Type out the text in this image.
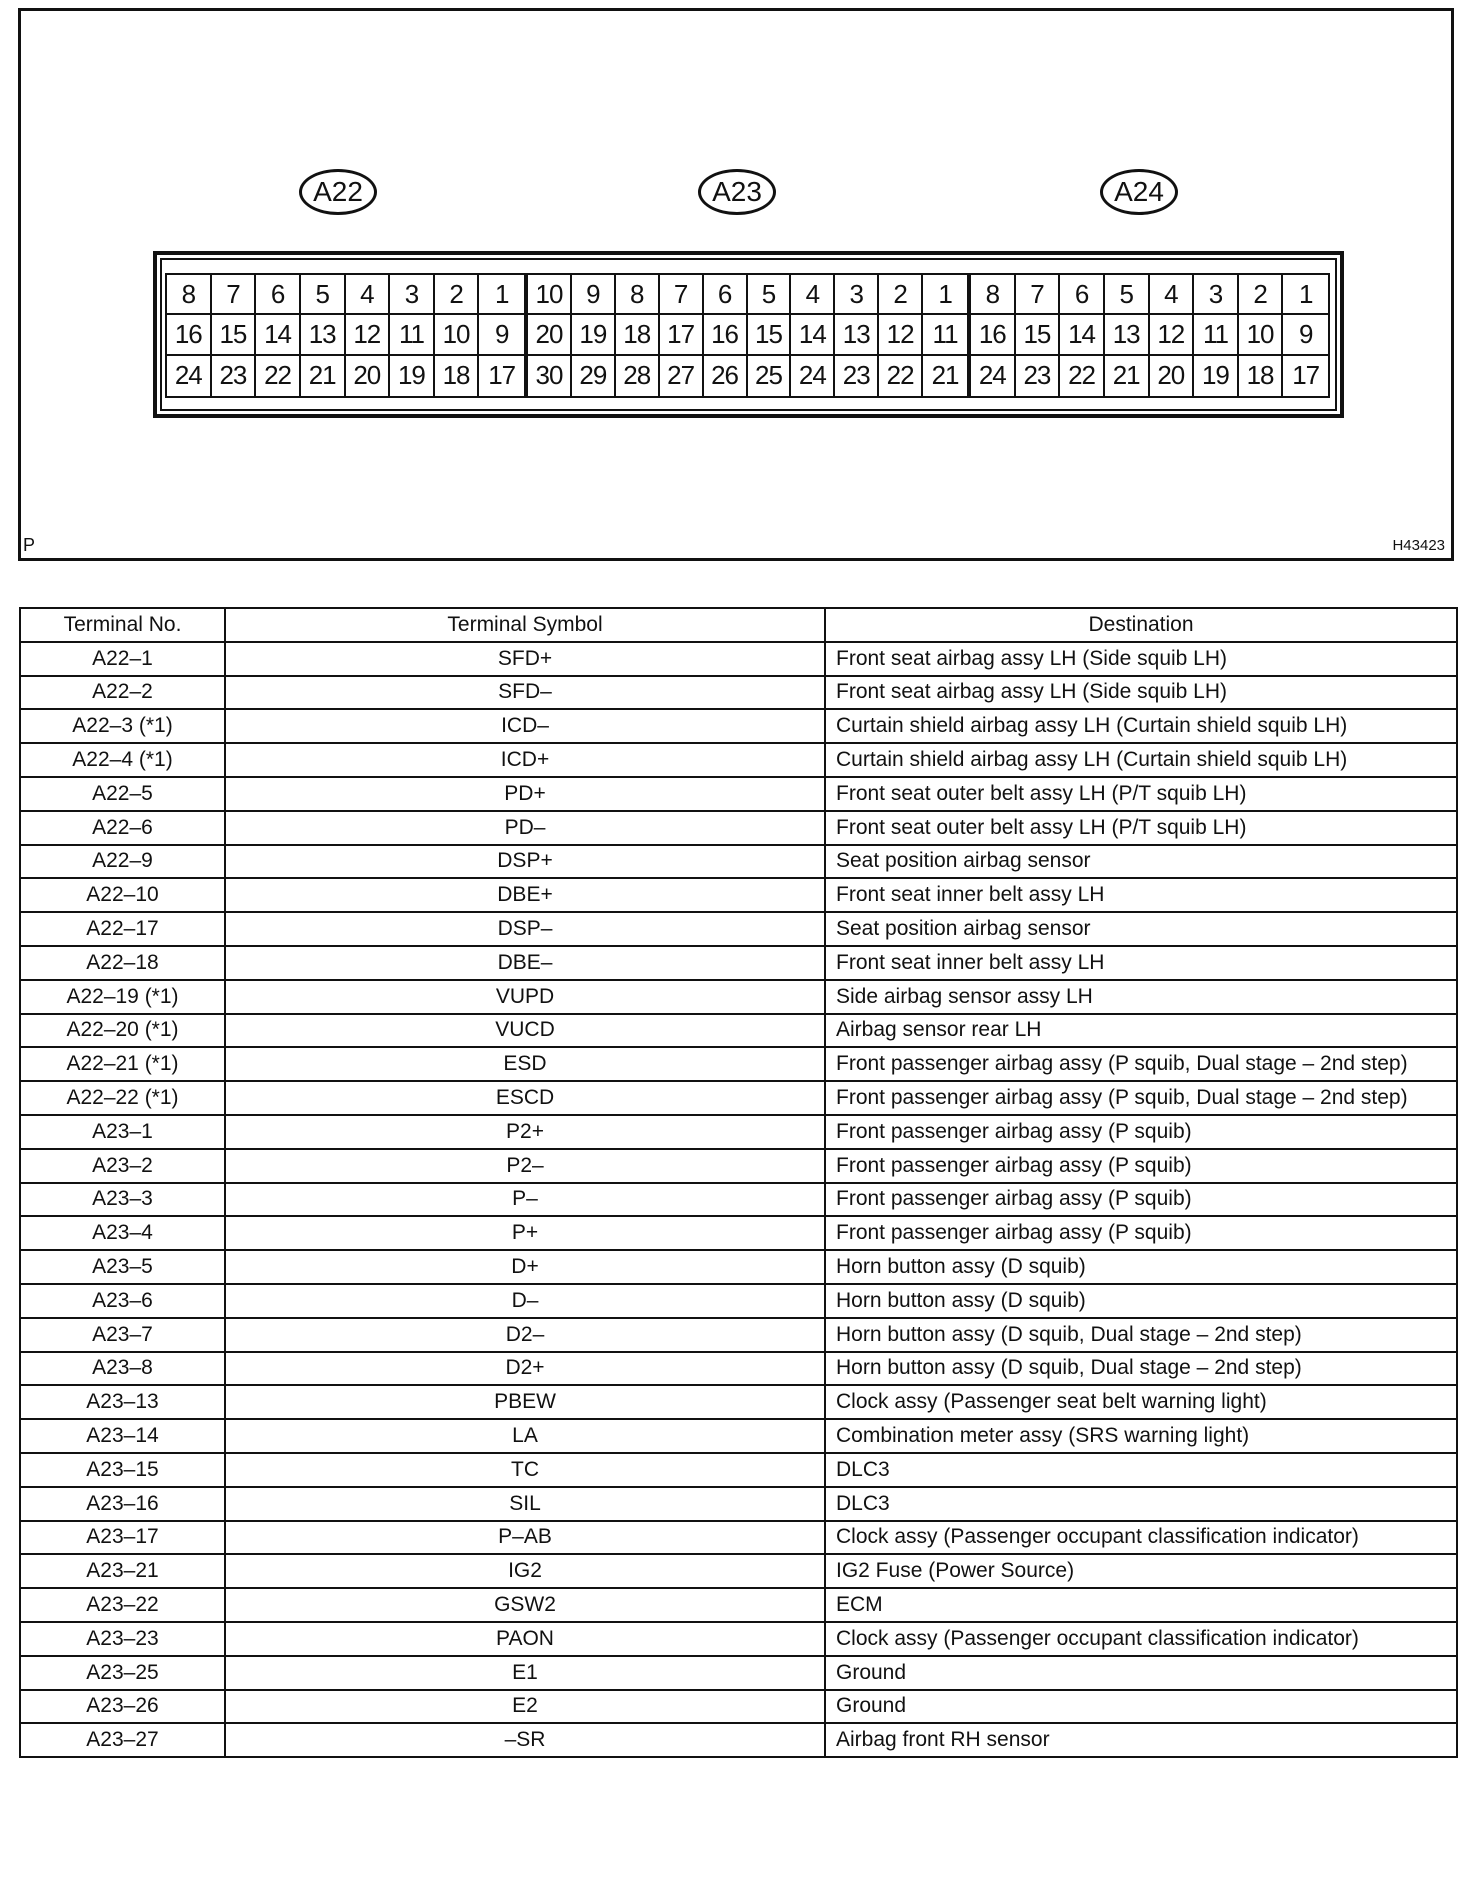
A22	A23	A24
8	7	6	5	4	3	2	1
16 15 14 13 12 11 10 9
24 23 22 21 20 19 18 17
10 9	8	7	6	5	4	3	2	1
20 19 18 17 16 15 14 13 12 11
30 29 28 27 26 25 24 23 22 21
8	7	6	5	4	3	2	1
16 15 14 13 12 11 10 9
24 23 22 21 20 19 18 17
P	H43423
Terminal No.	Terminal Symbol	Destination
A22–1	SFD+	Front seat airbag assy LH (Side squib LH)
A22–2	SFD–	Front seat airbag assy LH (Side squib LH)
A22–3 (*1)	ICD–	Curtain shield airbag assy LH (Curtain shield squib LH)
A22–4 (*1)	ICD+	Curtain shield airbag assy LH (Curtain shield squib LH)
A22–5	PD+	Front seat outer belt assy LH (P/T squib LH)
A22–6	PD–	Front seat outer belt assy LH (P/T squib LH)
A22–9	DSP+	Seat position airbag sensor
A22–10	DBE+	Front seat inner belt assy LH
A22–17	DSP–	Seat position airbag sensor
A22–18	DBE–	Front seat inner belt assy LH
A22–19 (*1)	VUPD	Side airbag sensor assy LH
A22–20 (*1)	VUCD	Airbag sensor rear LH
A22–21 (*1)	ESD	Front passenger airbag assy (P squib, Dual stage – 2nd step)
A22–22 (*1)	ESCD	Front passenger airbag assy (P squib, Dual stage – 2nd step)
A23–1	P2+	Front passenger airbag assy (P squib)
A23–2	P2–	Front passenger airbag assy (P squib)
A23–3	P–	Front passenger airbag assy (P squib)
A23–4	P+	Front passenger airbag assy (P squib)
A23–5	D+	Horn button assy (D squib)
A23–6	D–	Horn button assy (D squib)
A23–7	D2–	Horn button assy (D squib, Dual stage – 2nd step)
A23–8	D2+	Horn button assy (D squib, Dual stage – 2nd step)
A23–13	PBEW	Clock assy (Passenger seat belt warning light)
A23–14	LA	Combination meter assy (SRS warning light)
A23–15	TC	DLC3
A23–16	SIL	DLC3
A23–17	P–AB	Clock assy (Passenger occupant classification indicator)
A23–21	IG2	IG2 Fuse (Power Source)
A23–22	GSW2	ECM
A23–23	PAON	Clock assy (Passenger occupant classification indicator)
A23–25	E1	Ground
A23–26	E2	Ground
A23–27	–SR	Airbag front RH sensor
